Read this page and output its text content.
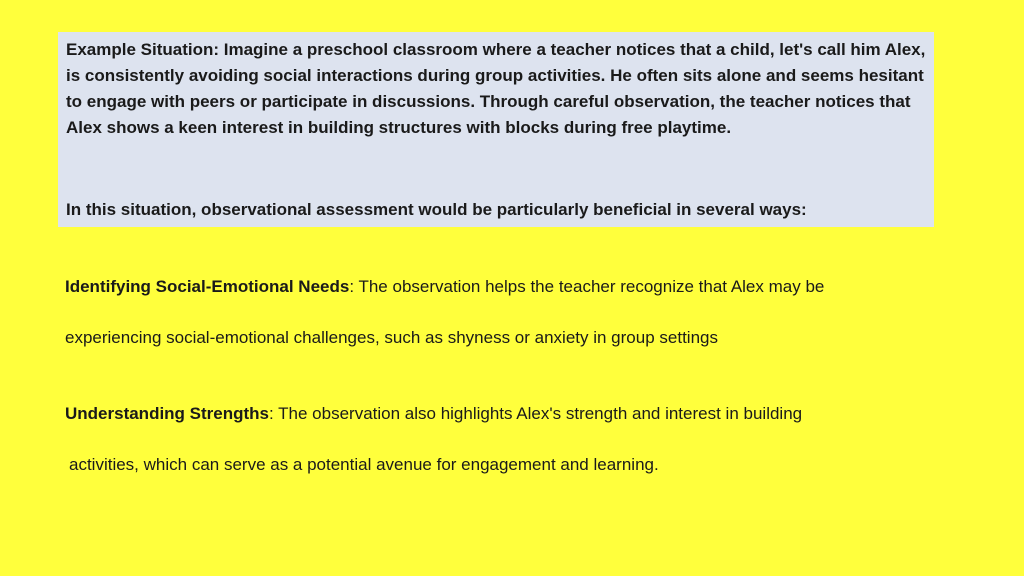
Example Situation: Imagine a preschool classroom where a teacher notices that a child, let's call him Alex, is consistently avoiding social interactions during group activities. He often sits alone and seems hesitant to engage with peers or participate in discussions. Through careful observation, the teacher notices that Alex shows a keen interest in building structures with blocks during free playtime.

In this situation, observational assessment would be particularly beneficial in several ways:

Identifying Social-Emotional Needs: The observation helps the teacher recognize that Alex may be
experiencing social-emotional challenges, such as shyness or anxiety in group settings
Understanding Strengths: The observation also highlights Alex's strength and interest in building
activities, which can serve as a potential avenue for engagement and learning.
